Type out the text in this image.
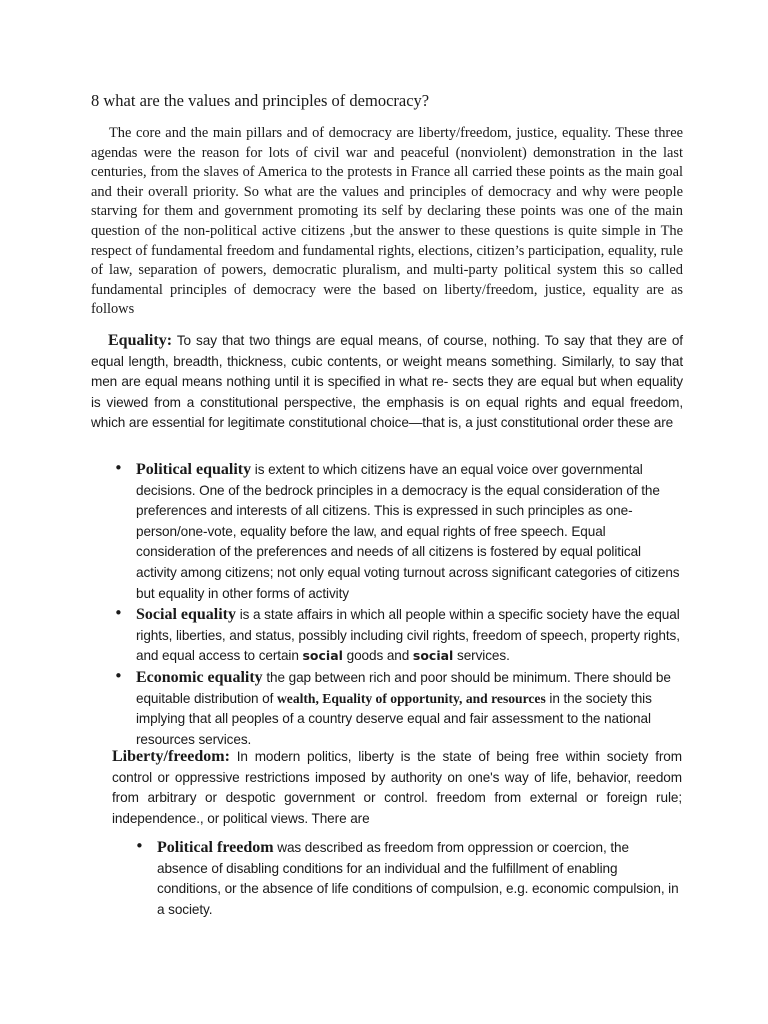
8 what are the values and principles of democracy?
The core and the main pillars and of democracy are liberty/freedom, justice, equality. These three agendas were the reason for lots of civil war and peaceful (nonviolent) demonstration in the last centuries, from the slaves of America to the protests in France all carried these points as the main goal and their overall priority. So what are the values and principles of democracy and why were people starving for them and government promoting its self by declaring these points was one of the main question of the non-political active citizens ,but the answer to these questions is quite simple in The respect of fundamental freedom and fundamental rights, elections, citizen’s participation, equality, rule of law, separation of powers, democratic pluralism, and multi-party political system this so called fundamental principles of democracy were the based on liberty/freedom, justice, equality are as follows
Equality: To say that two things are equal means, of course, nothing. To say that they are of equal length, breadth, thickness, cubic contents, or weight means something. Similarly, to say that men are equal means nothing until it is specified in what re- sects they are equal but when equality is viewed from a constitutional perspective, the emphasis is on equal rights and equal freedom, which are essential for legitimate constitutional choice—that is, a just constitutional order these are
• Political equality is extent to which citizens have an equal voice over governmental decisions. One of the bedrock principles in a democracy is the equal consideration of the preferences and interests of all citizens. This is expressed in such principles as one-person/one-vote, equality before the law, and equal rights of free speech. Equal consideration of the preferences and needs of all citizens is fostered by equal political activity among citizens; not only equal voting turnout across significant categories of citizens but equality in other forms of activity
• Social equality is a state affairs in which all people within a specific society have the equal rights, liberties, and status, possibly including civil rights, freedom of speech, property rights, and equal access to certain social goods and social services.
• Economic equality the gap between rich and poor should be minimum. There should be equitable distribution of wealth, Equality of opportunity, and resources in the society this implying that all peoples of a country deserve equal and fair assessment to the national resources services.
Liberty/freedom: In modern politics, liberty is the state of being free within society from control or oppressive restrictions imposed by authority on one's way of life, behavior, reedom from arbitrary or despotic government or control. freedom from external or foreign rule; independence., or political views. There are
• Political freedom was described as freedom from oppression or coercion, the absence of disabling conditions for an individual and the fulfillment of enabling conditions, or the absence of life conditions of compulsion, e.g. economic compulsion, in a society.
